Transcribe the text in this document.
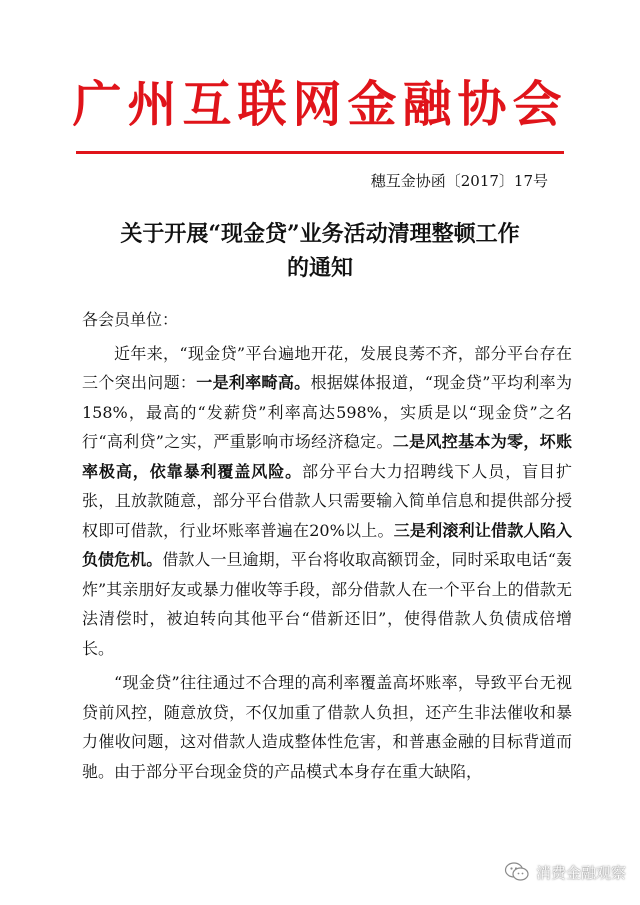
广州互联网金融协会
穗互金协函〔2017〕17号
关于开展“现金贷”业务活动清理整顿工作
的通知

各会员单位：

近年来，“现金贷”平台遍地开花，发展良莠不齐，部分平台存在三个突出问题：一是利率畸高。根据媒体报道，“现金贷”平均利率为158%，最高的“发薪贷”利率高达598%，实质是以“现金贷”之名行“高利贷”之实，严重影响市场经济稳定。二是风控基本为零，坏账率极高，依靠暴利覆盖风险。部分平台大力招聘线下人员，盲目扩张，且放款随意，部分平台借款人只需要输入简单信息和提供部分授权即可借款，行业坏账率普遍在20%以上。三是利滚利让借款人陷入负债危机。借款人一旦逾期，平台将收取高额罚金，同时采取电话“轰炸”其亲朋好友或暴力催收等手段，部分借款人在一个平台上的借款无法清偿时，被迫转向其他平台“借新还旧”，使得借款人负债成倍增长。

“现金贷”往往通过不合理的高利率覆盖高坏账率，导致平台无视贷前风控，随意放贷，不仅加重了借款人负担，还产生非法催收和暴力催收问题，这对借款人造成整体性危害，和普惠金融的目标背道而驰。由于部分平台现金贷的产品模式本身存在重大缺陷，

消费金融观察
